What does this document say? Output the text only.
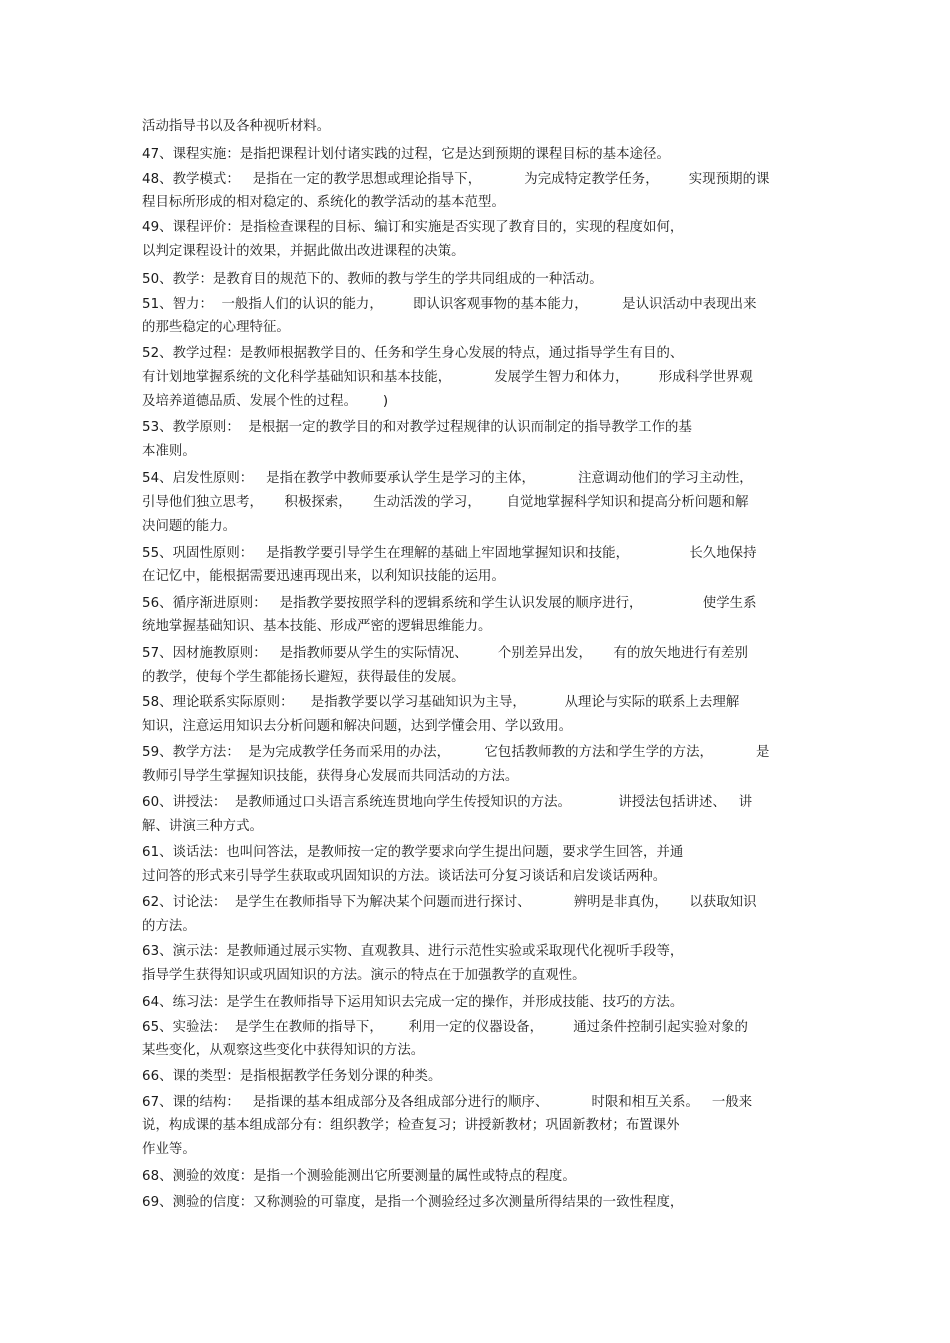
活动指导书以及各种视听材料。
47、课程实施：是指把课程计划付诸实践的过程，它是达到预期的课程目标的基本途径。
48、教学模式：   是指在一定的教学思想或理论指导下，          为完成特定教学任务，       实现预期的课
程目标所形成的相对稳定的、系统化的教学活动的基本范型。
49、课程评价：是指检查课程的目标、编订和实施是否实现了教育目的，实现的程度如何，
以判定课程设计的效果，并据此做出改进课程的决策。
50、教学：是教育目的规范下的、教师的教与学生的学共同组成的一种活动。
51、智力：  一般指人们的认识的能力，       即认识客观事物的基本能力，        是认识活动中表现出来
的那些稳定的心理特征。
52、教学过程：是教师根据教学目的、任务和学生身心发展的特点，通过指导学生有目的、
有计划地掌握系统的文化科学基础知识和基本技能，          发展学生智力和体力，       形成科学世界观
及培养道德品质、发展个性的过程。      )
53、教学原则：  是根据一定的教学目的和对教学过程规律的认识而制定的指导教学工作的基
本准则。
54、启发性原则：   是指在教学中教师要承认学生是学习的主体，          注意调动他们的学习主动性，
引导他们独立思考，     积极探索，     生动活泼的学习，      自觉地掌握科学知识和提高分析问题和解
决问题的能力。
55、巩固性原则：   是指教学要引导学生在理解的基础上牢固地掌握知识和技能，              长久地保持
在记忆中，能根据需要迅速再现出来，以利知识技能的运用。
56、循序渐进原则：   是指教学要按照学科的逻辑系统和学生认识发展的顺序进行，              使学生系
统地掌握基础知识、基本技能、形成严密的逻辑思维能力。
57、因材施教原则：   是指教师要从学生的实际情况、       个别差异出发，     有的放矢地进行有差别
的教学，使每个学生都能扬长避短，获得最佳的发展。
58、理论联系实际原则：    是指教学要以学习基础知识为主导，         从理论与实际的联系上去理解
知识，注意运用知识去分析问题和解决问题，达到学懂会用、学以致用。
59、教学方法：  是为完成教学任务而采用的办法，        它包括教师教的方法和学生学的方法，          是
教师引导学生掌握知识技能，获得身心发展而共同活动的方法。
60、讲授法：  是教师通过口头语言系统连贯地向学生传授知识的方法。           讲授法包括讲述、   讲
解、讲演三种方式。
61、谈话法：也叫问答法，是教师按一定的教学要求向学生提出问题，要求学生回答，并通
过问答的形式来引导学生获取或巩固知识的方法。谈话法可分复习谈话和启发谈话两种。
62、讨论法：  是学生在教师指导下为解决某个问题而进行探讨、          辨明是非真伪，     以获取知识
的方法。
63、演示法：是教师通过展示实物、直观教具、进行示范性实验或采取现代化视听手段等，
指导学生获得知识或巩固知识的方法。演示的特点在于加强教学的直观性。
64、练习法：是学生在教师指导下运用知识去完成一定的操作，并形成技能、技巧的方法。
65、实验法：  是学生在教师的指导下，      利用一定的仪器设备，       通过条件控制引起实验对象的
某些变化，从观察这些变化中获得知识的方法。
66、课的类型：是指根据教学任务划分课的种类。
67、课的结构：   是指课的基本组成部分及各组成部分进行的顺序、          时限和相互关系。   一般来
说，构成课的基本组成部分有：组织教学；检查复习；讲授新教材；巩固新教材；布置课外
作业等。
68、测验的效度：是指一个测验能测出它所要测量的属性或特点的程度。
69、测验的信度：又称测验的可靠度，是指一个测验经过多次测量所得结果的一致性程度，
